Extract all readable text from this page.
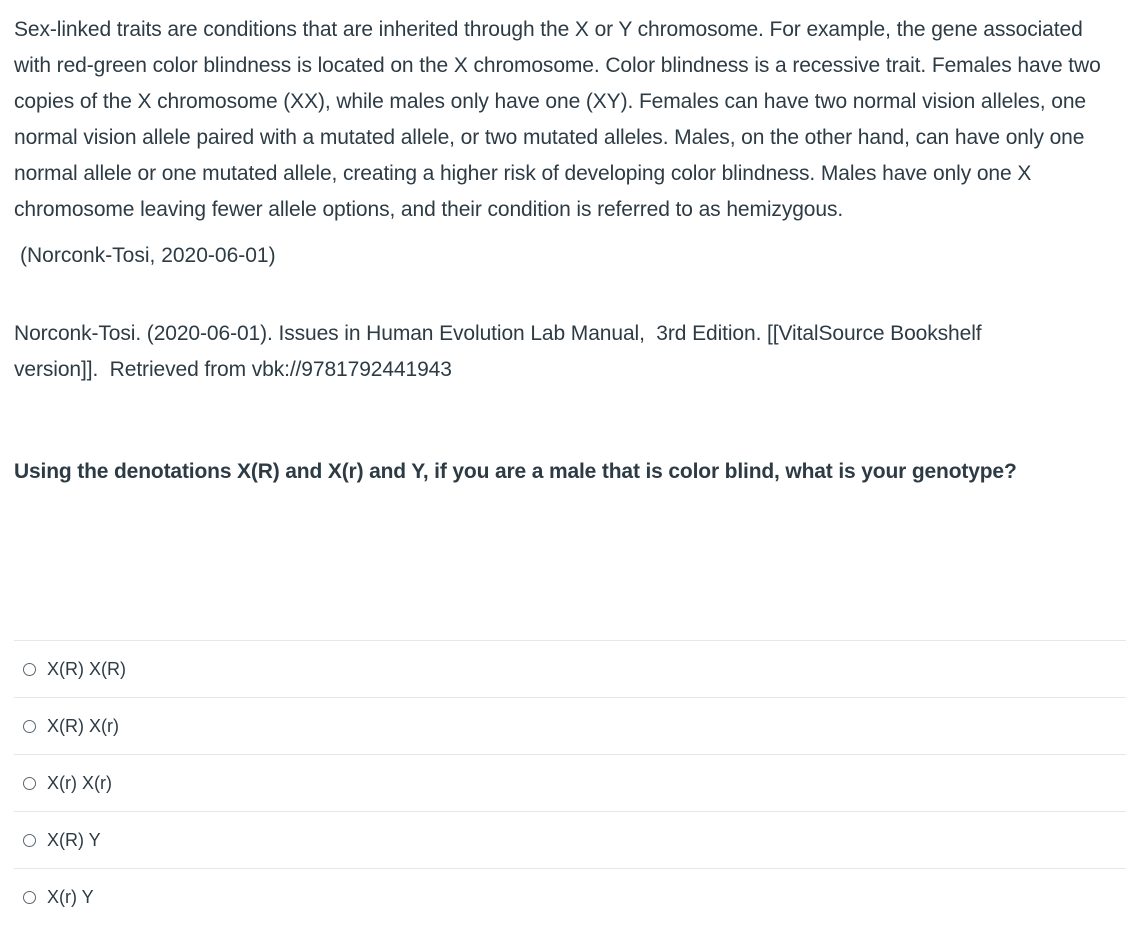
Sex-linked traits are conditions that are inherited through the X or Y chromosome. For example, the gene associated with red-green color blindness is located on the X chromosome. Color blindness is a recessive trait. Females have two copies of the X chromosome (XX), while males only have one (XY). Females can have two normal vision alleles, one normal vision allele paired with a mutated allele, or two mutated alleles. Males, on the other hand, can have only one normal allele or one mutated allele, creating a higher risk of developing color blindness. Males have only one X chromosome leaving fewer allele options, and their condition is referred to as hemizygous.

(Norconk-Tosi, 2020-06-01)
Norconk-Tosi. (2020-06-01). Issues in Human Evolution Lab Manual,  3rd Edition. [[VitalSource Bookshelf
version]].  Retrieved from vbk://9781792441943
Using the denotations X(R) and X(r) and Y, if you are a male that is color blind, what is your genotype?
X(R) X(R)
X(R) X(r)
X(r) X(r)
X(R) Y
X(r) Y
